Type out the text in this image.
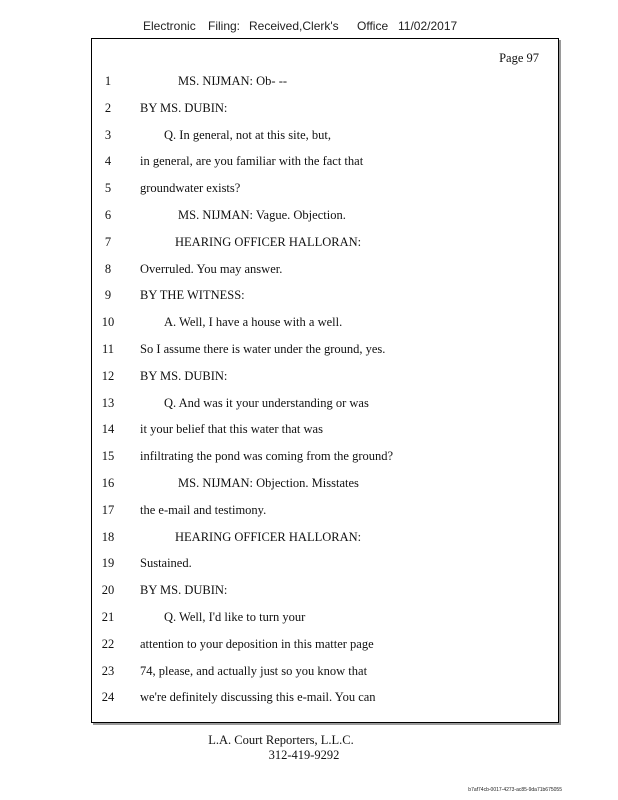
Electronic Filing: Received,Clerk's Office 11/02/2017
Page 97
1	MS. NIJMAN: Ob- --
2	BY MS. DUBIN:
3	Q. In general, not at this site, but,
4	in general, are you familiar with the fact that
5	groundwater exists?
6	MS. NIJMAN: Vague. Objection.
7	HEARING OFFICER HALLORAN:
8	Overruled. You may answer.
9	BY THE WITNESS:
10	A. Well, I have a house with a well.
11	So I assume there is water under the ground, yes.
12	BY MS. DUBIN:
13	Q. And was it your understanding or was
14	it your belief that this water that was
15	infiltrating the pond was coming from the ground?
16	MS. NIJMAN: Objection. Misstates
17	the e-mail and testimony.
18	HEARING OFFICER HALLORAN:
19	Sustained.
20	BY MS. DUBIN:
21	Q. Well, I'd like to turn your
22	attention to your deposition in this matter page
23	74, please, and actually just so you know that
24	we're definitely discussing this e-mail. You can
L.A. Court Reporters, L.L.C.
312-419-9292
b7af74cb-0017-4273-ac85-9da71b675055
